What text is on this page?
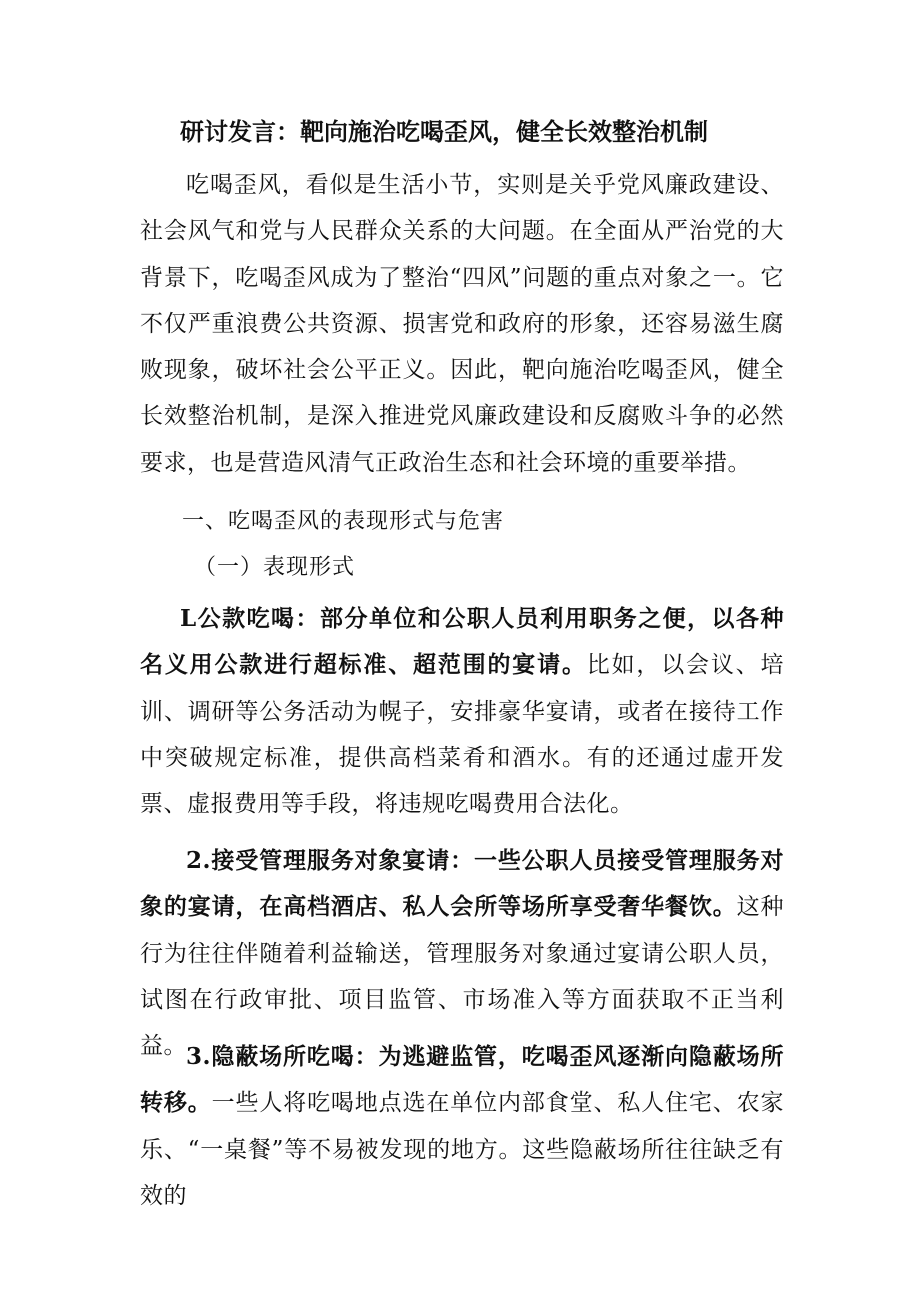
研讨发言：靶向施治吃喝歪风，健全长效整治机制

吃喝歪风，看似是生活小节，实则是关乎党风廉政建设、社会风气和党与人民群众关系的大问题。在全面从严治党的大背景下，吃喝歪风成为了整治“四风”问题的重点对象之一。它不仅严重浪费公共资源、损害党和政府的形象，还容易滋生腐败现象，破坏社会公平正义。因此，靶向施治吃喝歪风，健全长效整治机制，是深入推进党风廉政建设和反腐败斗争的必然要求，也是营造风清气正政治生态和社会环境的重要举措。

一、吃喝歪风的表现形式与危害
（一）表现形式

L公款吃喝：部分单位和公职人员利用职务之便，以各种名义用公款进行超标准、超范围的宴请。比如，以会议、培训、调研等公务活动为幌子，安排豪华宴请，或者在接待工作中突破规定标准，提供高档菜肴和酒水。有的还通过虚开发票、虚报费用等手段，将违规吃喝费用合法化。

2.接受管理服务对象宴请：一些公职人员接受管理服务对象的宴请，在高档酒店、私人会所等场所享受奢华餐饮。这种行为往往伴随着利益输送，管理服务对象通过宴请公职人员，试图在行政审批、项目监管、市场准入等方面获取不正当利益。 3.隐蔽场所吃喝：为逃避监管，吃喝歪风逐渐向隐蔽场所转移。一些人将吃喝地点选在单位内部食堂、私人住宅、农家乐、“一桌餐”等不易被发现的地方。这些隐蔽场所往往缺乏有效的
